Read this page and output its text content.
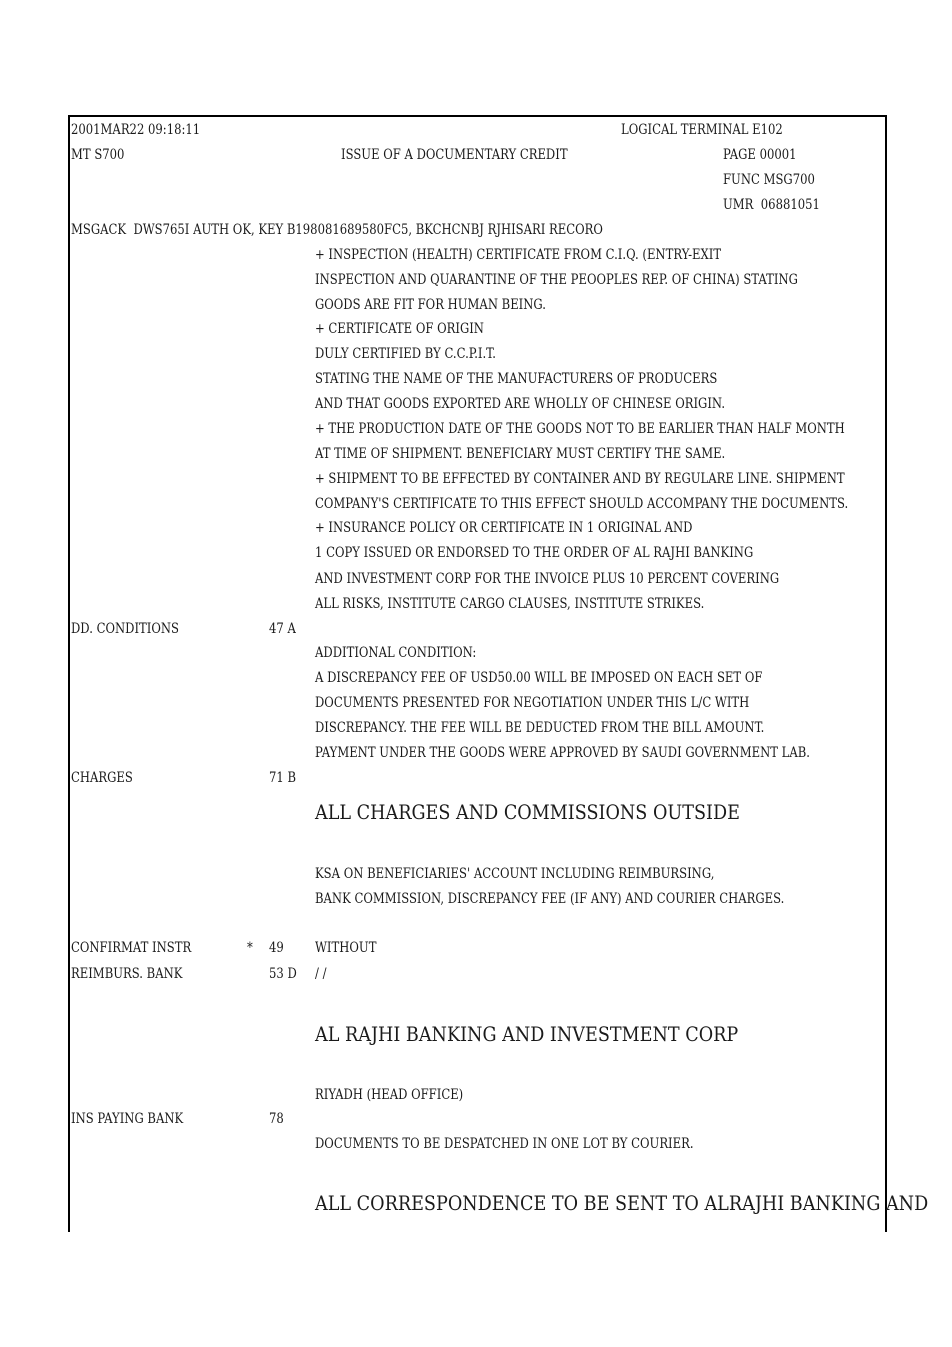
2001MAR22 09:18:11	LOGICAL TERMINAL E102
MT S700	ISSUE OF A DOCUMENTARY CREDIT	PAGE 00001
FUNC MSG700
UMR  06881051
MSGACK  DWS765I AUTH OK, KEY B198081689580FC5, BKCHCNBJ RJHISARI RECORO
+ INSPECTION (HEALTH) CERTIFICATE FROM C.I.Q. (ENTRY-EXIT
INSPECTION AND QUARANTINE OF THE PEOOPLES REP. OF CHINA) STATING
GOODS ARE FIT FOR HUMAN BEING.
+ CERTIFICATE OF ORIGIN
DULY CERTIFIED BY C.C.P.I.T.
STATING THE NAME OF THE MANUFACTURERS OF PRODUCERS
AND THAT GOODS EXPORTED ARE WHOLLY OF CHINESE ORIGIN.
+ THE PRODUCTION DATE OF THE GOODS NOT TO BE EARLIER THAN HALF MONTH
AT TIME OF SHIPMENT. BENEFICIARY MUST CERTIFY THE SAME.
+ SHIPMENT TO BE EFFECTED BY CONTAINER AND BY REGULARE LINE. SHIPMENT
COMPANY'S CERTIFICATE TO THIS EFFECT SHOULD ACCOMPANY THE DOCUMENTS.
+ INSURANCE POLICY OR CERTIFICATE IN 1 ORIGINAL AND
1 COPY ISSUED OR ENDORSED TO THE ORDER OF AL RAJHI BANKING
AND INVESTMENT CORP FOR THE INVOICE PLUS 10 PERCENT COVERING
ALL RISKS, INSTITUTE CARGO CLAUSES, INSTITUTE STRIKES.
DD. CONDITIONS	47 A
ADDITIONAL CONDITION:
A DISCREPANCY FEE OF USD50.00 WILL BE IMPOSED ON EACH SET OF
DOCUMENTS PRESENTED FOR NEGOTIATION UNDER THIS L/C WITH
DISCREPANCY. THE FEE WILL BE DEDUCTED FROM THE BILL AMOUNT.
PAYMENT UNDER THE GOODS WERE APPROVED BY SAUDI GOVERNMENT LAB.
CHARGES	71 B
ALL CHARGES AND COMMISSIONS OUTSIDE
KSA ON BENEFICIARIES' ACCOUNT INCLUDING REIMBURSING,
BANK COMMISSION, DISCREPANCY FEE (IF ANY) AND COURIER CHARGES.
CONFIRMAT INSTR	* 49 WITHOUT
REIMBURS. BANK	53 D / /
AL RAJHI BANKING AND INVESTMENT CORP
RIYADH (HEAD OFFICE)
INS PAYING BANK	78
DOCUMENTS TO BE DESPATCHED IN ONE LOT BY COURIER.
ALL CORRESPONDENCE TO BE SENT TO ALRAJHI BANKING AND
